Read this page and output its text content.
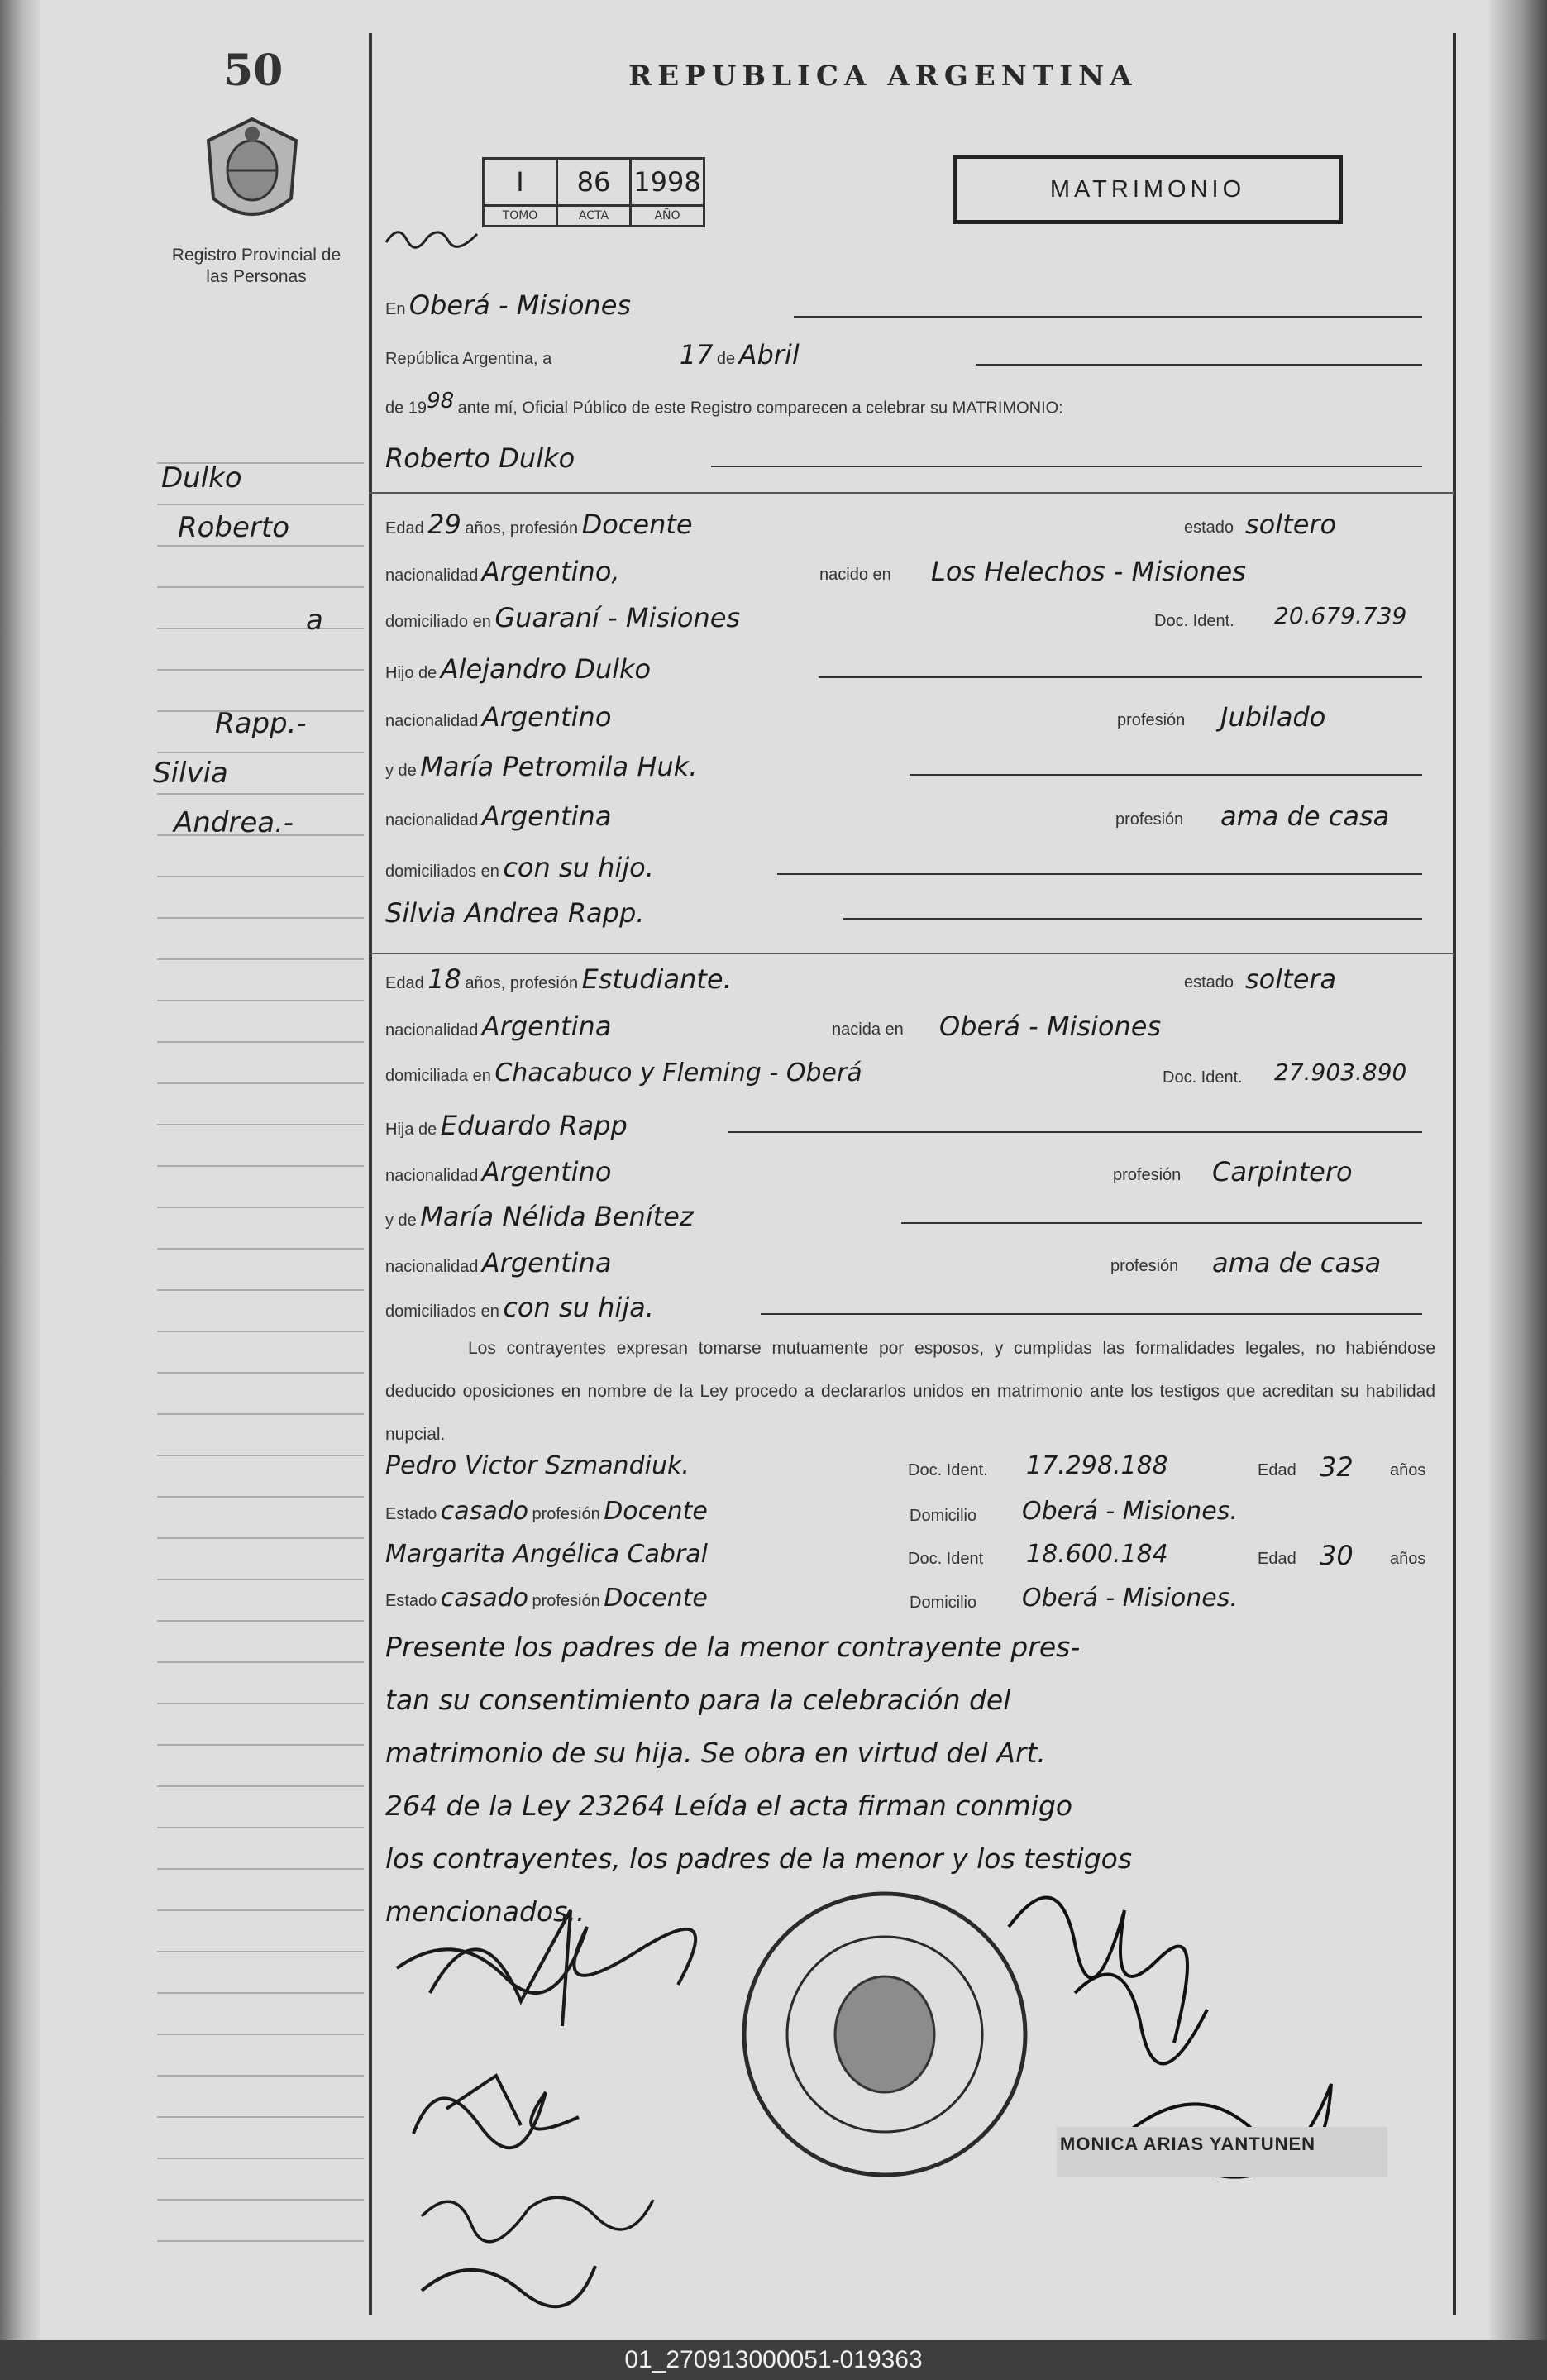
50
Registro Provincial de las Personas
REPUBLICA ARGENTINA
MATRIMONIO
I	86	1998
TOMO	ACTA	AÑO
En Oberá - Misiones
República Argentina, a	17 de Abril
de 1998 ante mí, Oficial Público de este Registro comparecen a celebrar su MATRIMONIO:
Roberto Dulko
Dulko
Roberto
a
Rapp.-
Silvia
Andrea.-
Edad 29 años, profesión Docente	estado soltero
nacionalidad Argentino,	nacido en Los Helechos - Misiones
domiciliado en Guaraní - Misiones	Doc. Ident. 20.679.739
Hijo de Alejandro Dulko
nacionalidad Argentino	profesión Jubilado
y de María Petromila Huk.
nacionalidad Argentina	profesión ama de casa
domiciliados en con su hijo.
Silvia Andrea Rapp.
Edad 18 años, profesión Estudiante.	estado soltera
nacionalidad Argentina	nacida en Oberá - Misiones
domiciliada en Chacabuco y Fleming - Oberá	Doc. Ident. 27.903.890
Hija de Eduardo Rapp
nacionalidad Argentino	profesión Carpintero
y de María Nélida Benítez
nacionalidad Argentina	profesión ama de casa
domiciliados en con su hija.
Los contrayentes expresan tomarse mutuamente por esposos, y cumplidas las formalidades legales, no habiéndose deducido oposiciones en nombre de la Ley procedo a declararlos unidos en matrimonio ante los testigos que acreditan su habilidad nupcial.
Pedro Victor Szmandiuk.	Doc. Ident. 17.298.188	Edad 32 años
Estado casado profesión Docente	Domicilio Oberá - Misiones.
Margarita Angélica Cabral	Doc. Ident 18.600.184	Edad 30 años
Estado casado profesión Docente	Domicilio Oberá - Misiones.
Presente los padres de la menor contrayente pres-
tan su consentimiento para la celebración del
matrimonio de su hija. Se obra en virtud del Art.
264 de la Ley 23264 Leída el acta firman conmigo
los contrayentes, los padres de la menor y los testigos
mencionados..
MONICA ARIAS YANTUNEN
01_270913000051-019363
